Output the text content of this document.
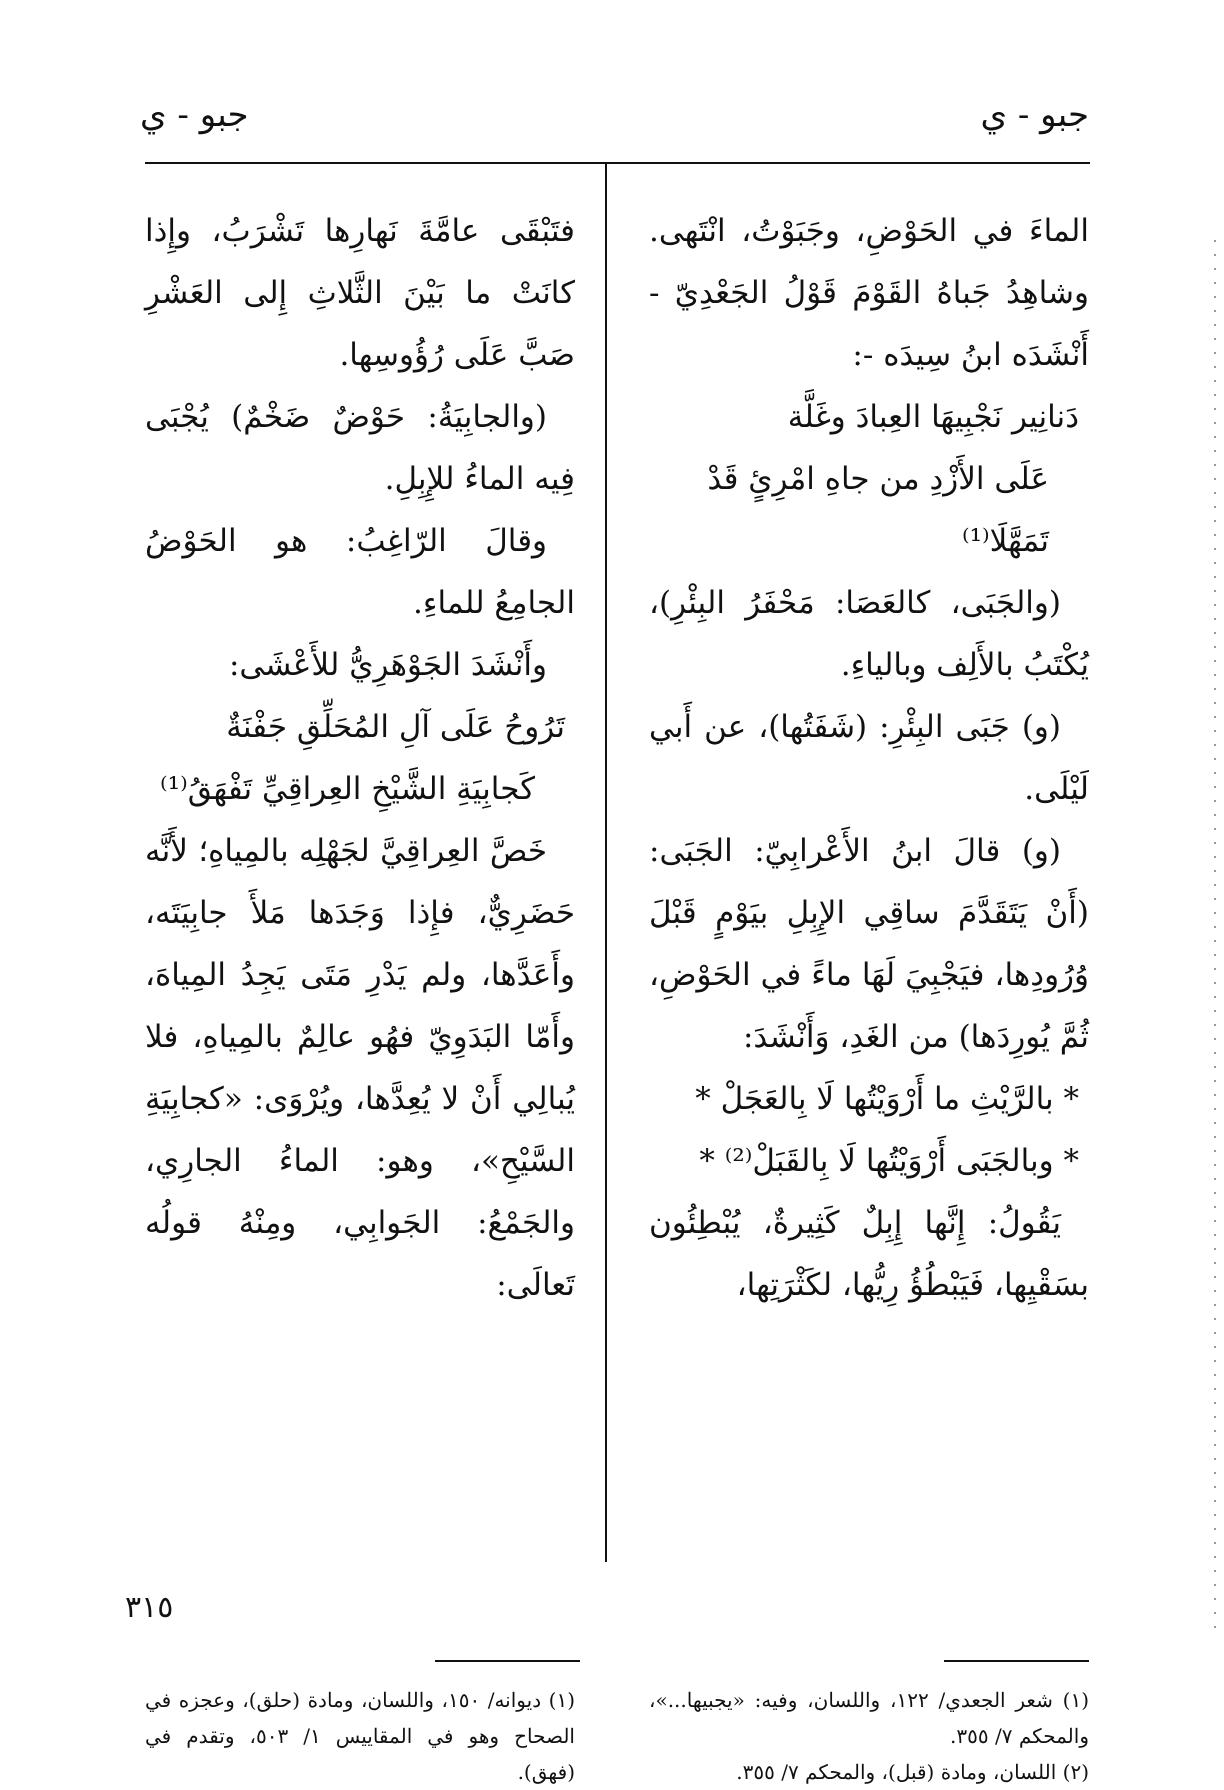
جبو - ي
جبو - ي

الماءَ في الحَوْضِ، وجَبَوْتُ، انْتَهى. وشاهِدُ جَباهُ القَوْمَ قَوْلُ الجَعْدِيّ - أَنْشَدَه ابنُ سِيدَه -:

دَنانِير نَجْبِيهَا العِبادَ وغَلَّة

عَلَى الأَزْدِ من جاهِ امْرِئٍ قَدْ تَمَهَّلَا⁽¹⁾

(والجَبَى، كالعَصَا: مَحْفَرُ البِئْرِ)، يُكْتَبُ بالأَلِف وبالياءِ.

(و) جَبَى البِئْرِ: (شَفَتُها)، عن أَبي لَيْلَى.

(و) قالَ ابنُ الأَعْرابِيّ: الجَبَى: (أَنْ يَتَقَدَّمَ ساقِي الإِبِلِ بيَوْمٍ قَبْلَ وُرُودِها، فيَجْبِيَ لَهَا ماءً في الحَوْضِ، ثُمَّ يُورِدَها) من الغَدِ، وَأَنْشَدَ:

* بالرَّيْثِ ما أَرْوَيْتُها لَا بِالعَجَلْ *

* وبالجَبَى أَرْوَيْتُها لَا بِالقَبَلْ⁽²⁾ *

يَقُولُ: إِنَّها إِبِلٌ كَثِيرةٌ، يُبْطِئُون بسَقْيِها، فَيَبْطُؤُ رِيُّها، لكَثْرَتِها،

فتَبْقَى عامَّةَ نَهارِها تَشْرَبُ، وإِذا كانَتْ ما بَيْنَ الثَّلاثِ إِلى العَشْرِ صَبَّ عَلَى رُؤُوسِها.

(والجابِيَةُ: حَوْضٌ ضَخْمٌ) يُجْبَى فِيه الماءُ للإِبِلِ.

وقالَ الرّاغِبُ: هو الحَوْضُ الجامِعُ للماءِ.

وأَنْشَدَ الجَوْهَرِيُّ للأَعْشَى:

تَرُوحُ عَلَى آلِ المُحَلِّقِ جَفْنَةٌ

كَجابِيَةِ الشَّيْخِ العِراقِيِّ تَفْهَقُ⁽¹⁾

خَصَّ العِراقِيَّ لجَهْلِه بالمِياهِ؛ لأَنَّه حَضَرِيٌّ، فإِذا وَجَدَها مَلأَ جابِيَتَه، وأَعَدَّها، ولم يَدْرِ مَتَى يَجِدُ المِياهَ، وأَمّا البَدَوِيّ فهُو عالِمٌ بالمِياهِ، فلا يُبالِي أَنْ لا يُعِدَّها، ويُرْوَى: «كجابِيَةِ السَّيْحِ»، وهو: الماءُ الجارِي، والجَمْعُ: الجَوابِي، ومِنْهُ قولُه تَعالَى:

(١) شعر الجعدي/ ١٢٢، واللسان، وفيه: «يجبيها...»، والمحكم ٧/ ٣٥٥.

(٢) اللسان، ومادة (قبل)، والمحكم ٧/ ٣٥٥.

(١) ديوانه/ ١٥٠، واللسان، ومادة (حلق)، وعجزه في الصحاح وهو في المقاييس ١/ ٥٠٣، وتقدم في (فهق).

٣١٥
